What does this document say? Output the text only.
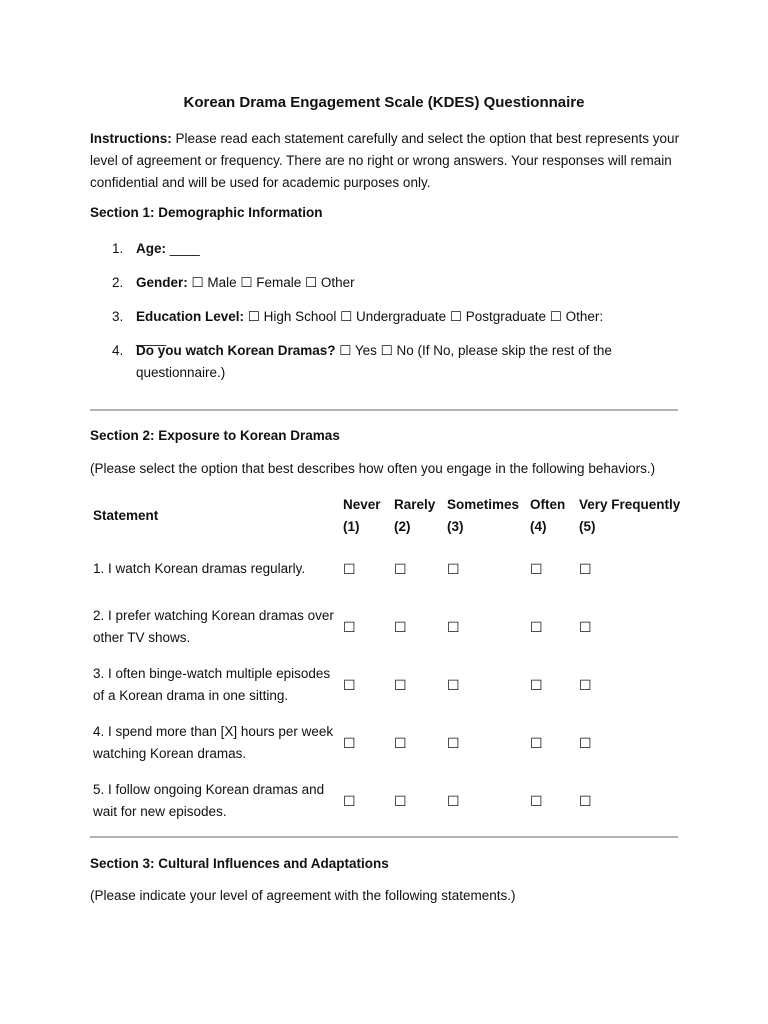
Korean Drama Engagement Scale (KDES) Questionnaire

Instructions: Please read each statement carefully and select the option that best represents your level of agreement or frequency. There are no right or wrong answers. Your responses will remain confidential and will be used for academic purposes only.

Section 1: Demographic Information

1. Age: ____
2. Gender: ☐ Male ☐ Female ☐ Other
3. Education Level: ☐ High School ☐ Undergraduate ☐ Postgraduate ☐ Other: ____
4. Do you watch Korean Dramas? ☐ Yes ☐ No (If No, please skip the rest of the questionnaire.)

Section 2: Exposure to Korean Dramas

(Please select the option that best describes how often you engage in the following behaviors.)

Statement	Never (1)	Rarely (2)	Sometimes (3)	Often (4)	Very Frequently (5)
1. I watch Korean dramas regularly.	☐	☐	☐	☐	☐
2. I prefer watching Korean dramas over other TV shows.	☐	☐	☐	☐	☐
3. I often binge-watch multiple episodes of a Korean drama in one sitting.	☐	☐	☐	☐	☐
4. I spend more than [X] hours per week watching Korean dramas.	☐	☐	☐	☐	☐
5. I follow ongoing Korean dramas and wait for new episodes.	☐	☐	☐	☐	☐

Section 3: Cultural Influences and Adaptations

(Please indicate your level of agreement with the following statements.)
